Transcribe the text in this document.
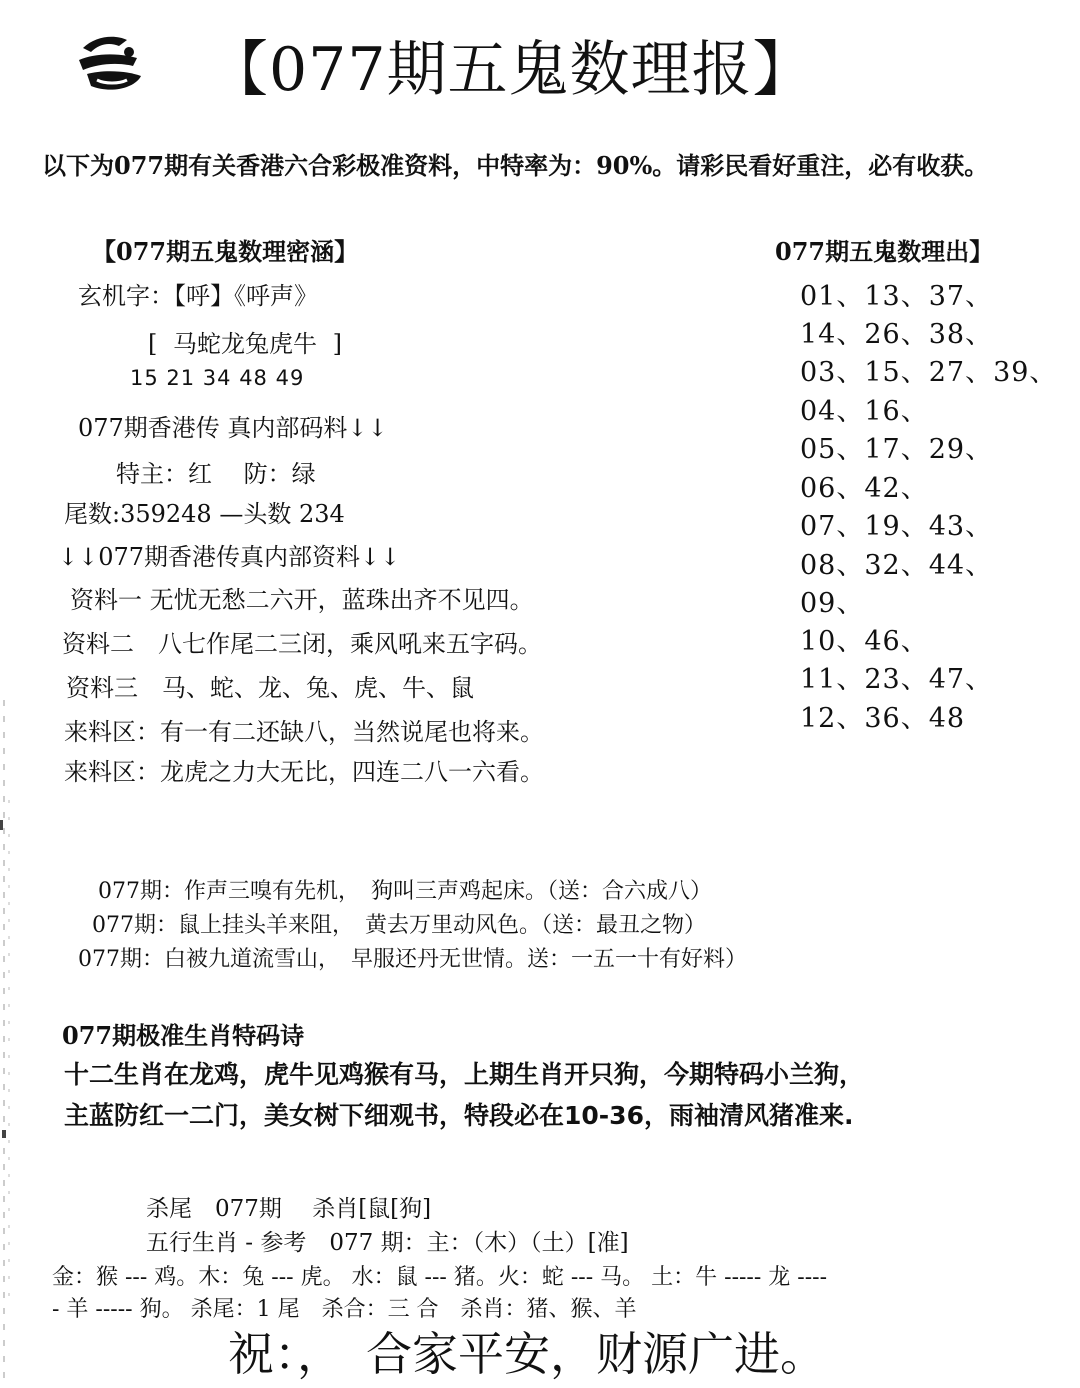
【077期五鬼数理报】
以下为077期有关香港六合彩极准资料，中特率为：90%。请彩民看好重注，必有收获。
【077期五鬼数理密涵】
玄机字：【呼】《呼声》
[ 马蛇龙兔虎牛 ]
15 21 34 48 49
077期香港传 真内部码料↓↓
特主：红　 防：绿
尾数:359248 —头数 234
↓↓077期香港传真内部资料↓↓
资料一 无忧无愁二六开，蓝珠出齐不见四。
资料二　八七作尾二三闭，乘风吼来五字码。
资料三　马、蛇、龙、兔、虎、牛、鼠
来料区：有一有二还缺八，当然说尾也将来。
来料区：龙虎之力大无比，四连二八一六看。
077期五鬼数理出】
01、13、37、
14、26、38、
03、15、27、39、
04、16、
05、17、29、
06、42、
07、19、43、
08、32、44、
09、
10、46、
11、23、47、
12、36、48
077期：作声三嗅有先机，　狗叫三声鸡起床。（送：合六成八）
077期：鼠上挂头羊来阻，　黄去万里动风色。（送：最丑之物）
077期：白被九道流雪山，　早服还丹无世情。送：一五一十有好料）
077期极准生肖特码诗
十二生肖在龙鸡，虎牛见鸡猴有马，上期生肖开只狗，今期特码小兰狗，
主蓝防红一二门，美女树下细观书，特段必在10-36，雨袖清风猪准来.
杀尾　077期　 杀肖[鼠[狗]
五行生肖 - 参考　077 期：主：（木）（土）[准]
金：猴 --- 鸡。木：兔 --- 虎。 水：鼠 --- 猪。火：蛇 --- 马。 土：牛 ----- 龙 ----
- 羊 ----- 狗。 杀尾：1 尾　杀合：三 合　杀肖：猪、猴、羊
祝：，　合家平安，财源广进。
